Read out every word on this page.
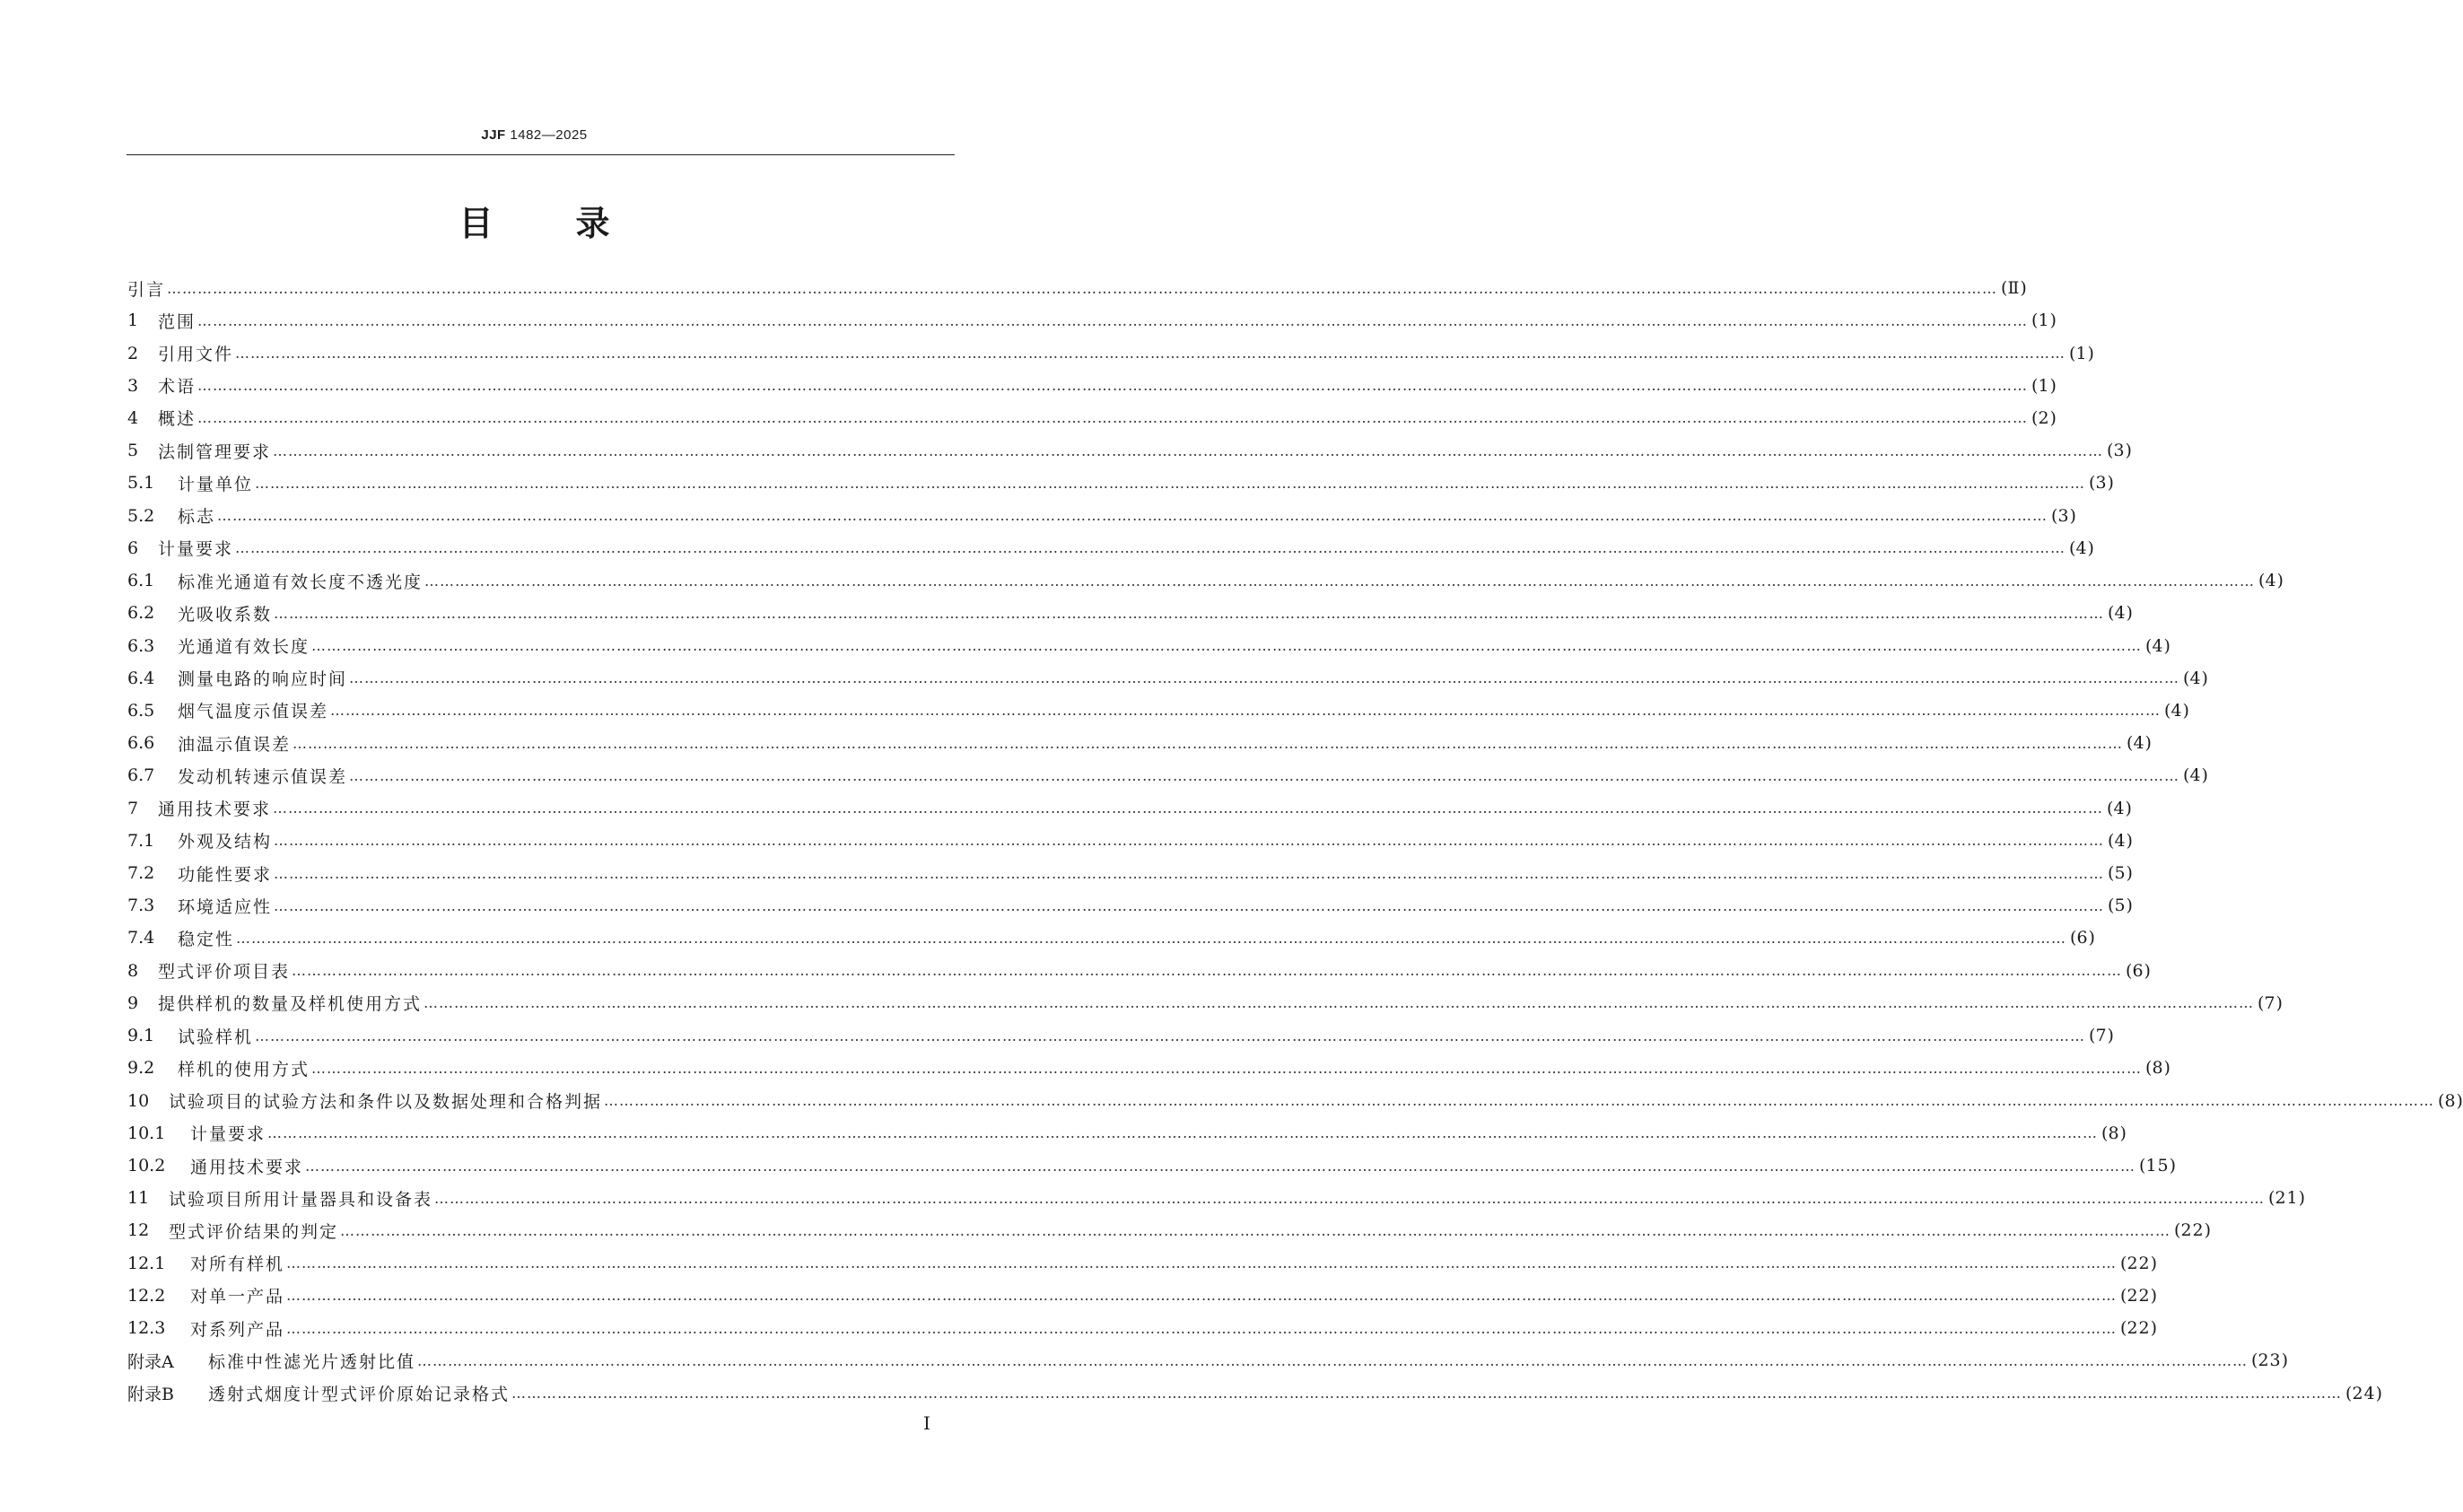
JJF 1482—2025
目 录
引言 ……………………………………………………………………………………………………………………………………………………………………………………………………………………………………………………………………………………………………………………………… (Ⅱ)
1	范围 ……………………………………………………………………………………………………………………………………………………………………………………………………………………………………………………………………………………………………………………………… (1)
2	引用文件 ……………………………………………………………………………………………………………………………………………………………………………………………………………………………………………………………………………………………………………………………… (1)
3	术语 ……………………………………………………………………………………………………………………………………………………………………………………………………………………………………………………………………………………………………………………………… (1)
4	概述 ……………………………………………………………………………………………………………………………………………………………………………………………………………………………………………………………………………………………………………………………… (2)
5	法制管理要求 ……………………………………………………………………………………………………………………………………………………………………………………………………………………………………………………………………………………………………………………………… (3)
5.1	计量单位 ……………………………………………………………………………………………………………………………………………………………………………………………………………………………………………………………………………………………………………………………… (3)
5.2	标志 ……………………………………………………………………………………………………………………………………………………………………………………………………………………………………………………………………………………………………………………………… (3)
6	计量要求 ……………………………………………………………………………………………………………………………………………………………………………………………………………………………………………………………………………………………………………………………… (4)
6.1	标准光通道有效长度不透光度 ……………………………………………………………………………………………………………………………………………………………………………………………………………………………………………………………………………………………………………………………… (4)
6.2	光吸收系数 ……………………………………………………………………………………………………………………………………………………………………………………………………………………………………………………………………………………………………………………………… (4)
6.3	光通道有效长度 ……………………………………………………………………………………………………………………………………………………………………………………………………………………………………………………………………………………………………………………………… (4)
6.4	测量电路的响应时间 ……………………………………………………………………………………………………………………………………………………………………………………………………………………………………………………………………………………………………………………………… (4)
6.5	烟气温度示值误差 ……………………………………………………………………………………………………………………………………………………………………………………………………………………………………………………………………………………………………………………………… (4)
6.6	油温示值误差 ……………………………………………………………………………………………………………………………………………………………………………………………………………………………………………………………………………………………………………………………… (4)
6.7	发动机转速示值误差 ……………………………………………………………………………………………………………………………………………………………………………………………………………………………………………………………………………………………………………………………… (4)
7	通用技术要求 ……………………………………………………………………………………………………………………………………………………………………………………………………………………………………………………………………………………………………………………………… (4)
7.1	外观及结构 ……………………………………………………………………………………………………………………………………………………………………………………………………………………………………………………………………………………………………………………………… (4)
7.2	功能性要求 ……………………………………………………………………………………………………………………………………………………………………………………………………………………………………………………………………………………………………………………………… (5)
7.3	环境适应性 ……………………………………………………………………………………………………………………………………………………………………………………………………………………………………………………………………………………………………………………………… (5)
7.4	稳定性 ……………………………………………………………………………………………………………………………………………………………………………………………………………………………………………………………………………………………………………………………… (6)
8	型式评价项目表 ……………………………………………………………………………………………………………………………………………………………………………………………………………………………………………………………………………………………………………………………… (6)
9	提供样机的数量及样机使用方式 ……………………………………………………………………………………………………………………………………………………………………………………………………………………………………………………………………………………………………………………………… (7)
9.1	试验样机 ……………………………………………………………………………………………………………………………………………………………………………………………………………………………………………………………………………………………………………………………… (7)
9.2	样机的使用方式 ……………………………………………………………………………………………………………………………………………………………………………………………………………………………………………………………………………………………………………………………… (8)
10	试验项目的试验方法和条件以及数据处理和合格判据 ……………………………………………………………………………………………………………………………………………………………………………………………………………………………………………………………………………………………………………………………… (8)
10.1	计量要求 ……………………………………………………………………………………………………………………………………………………………………………………………………………………………………………………………………………………………………………………………… (8)
10.2	通用技术要求 ……………………………………………………………………………………………………………………………………………………………………………………………………………………………………………………………………………………………………………………………… (15)
11	试验项目所用计量器具和设备表 ……………………………………………………………………………………………………………………………………………………………………………………………………………………………………………………………………………………………………………………………… (21)
12	型式评价结果的判定 ……………………………………………………………………………………………………………………………………………………………………………………………………………………………………………………………………………………………………………………………… (22)
12.1	对所有样机 ……………………………………………………………………………………………………………………………………………………………………………………………………………………………………………………………………………………………………………………………… (22)
12.2	对单一产品 ……………………………………………………………………………………………………………………………………………………………………………………………………………………………………………………………………………………………………………………………… (22)
12.3	对系列产品 ……………………………………………………………………………………………………………………………………………………………………………………………………………………………………………………………………………………………………………………………… (22)
附录A	标准中性滤光片透射比值 ……………………………………………………………………………………………………………………………………………………………………………………………………………………………………………………………………………………………………………………………… (23)
附录B	透射式烟度计型式评价原始记录格式 ……………………………………………………………………………………………………………………………………………………………………………………………………………………………………………………………………………………………………………………………… (24)
Ⅰ
